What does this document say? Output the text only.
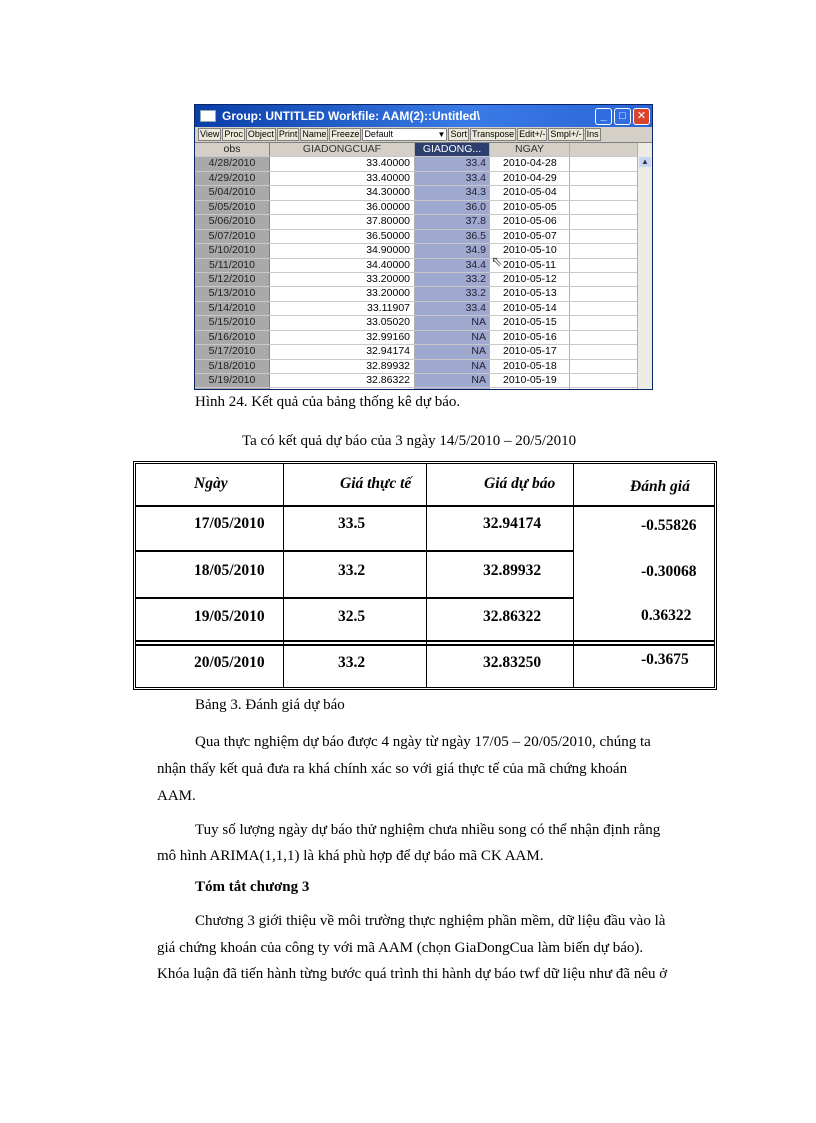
Group: UNTITLED Workfile: AAM(2)::Untitled\	_	□	✕
View Proc Object Print Name Freeze Default	▼ Sort Transpose Edit+/- Smpl+/- Ins
obs	GIADONGCUAF	GIADONG...	NGAY
4/28/2010	33.40000	33.4	2010-04-28
4/29/2010	33.40000	33.4	2010-04-29
5/04/2010	34.30000	34.3	2010-05-04
5/05/2010	36.00000	36.0	2010-05-05
5/06/2010	37.80000	37.8	2010-05-06
5/07/2010	36.50000	36.5	2010-05-07
5/10/2010	34.90000	34.9	2010-05-10
5/11/2010	34.40000	34.4	2010-05-11
5/12/2010	33.20000	33.2	2010-05-12
5/13/2010	33.20000	33.2	2010-05-13
5/14/2010	33.11907	33.4	2010-05-14
5/15/2010	33.05020	NA	2010-05-15
5/16/2010	32.99160	NA	2010-05-16
5/17/2010	32.94174	NA	2010-05-17
5/18/2010	32.89932	NA	2010-05-18
5/19/2010	32.86322	NA	2010-05-19
▲
⇖
Hình 24. Kết quả của bảng thống kê dự báo.
Ta có kết quả dự báo của 3 ngày 14/5/2010 – 20/5/2010
Ngày	Giá thực tế	Giá dự báo	Đánh giá
17/05/2010	33.5	32.94174	-0.55826
18/05/2010	33.2	32.89932	-0.30068
19/05/2010	32.5	32.86322	0.36322
20/05/2010	33.2	32.83250	-0.3675
Bảng 3. Đánh giá dự báo
Qua thực nghiệm dự báo được 4 ngày từ ngày 17/05 – 20/05/2010, chúng ta
nhận thấy kết quả đưa ra khá chính xác so với giá thực tế của mã chứng khoán
AAM.
Tuy số lượng ngày dự báo thử nghiệm chưa nhiều song có thể nhận định rằng
mô hình ARIMA(1,1,1) là khá phù hợp để dự báo mã CK AAM.
Tóm tắt chương 3
Chương 3 giới thiệu về môi trường thực nghiệm phần mềm, dữ liệu đầu vào là
giá chứng khoán của công ty với mã AAM (chọn GiaDongCua làm biến dự báo).
Khóa luận đã tiến hành từng bước quá trình thi hành dự báo twf dữ liệu như đã nêu ở
